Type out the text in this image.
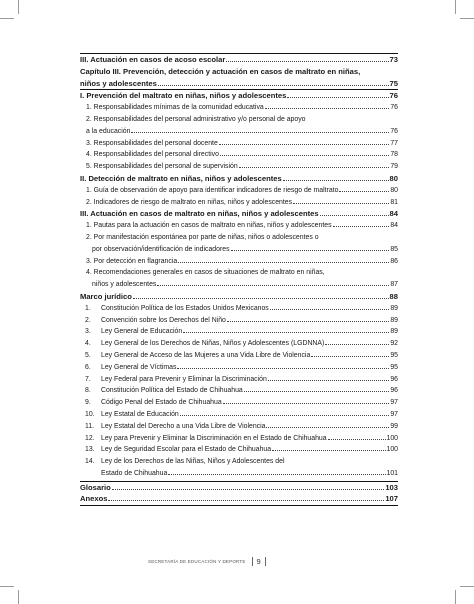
III. Actuación en casos de acoso escolar	73
Capítulo III. Prevención, detección y actuación en casos de maltrato en niñas,
niños y adolescentes	75
I. Prevención del maltrato en niñas, niños y adolescentes	76
1. Responsabilidades mínimas de la comunidad educativa	76
2. Responsabilidades del personal administrativo y/o personal de apoyo
a la educación	76
3. Responsabilidades del personal docente	77
4. Responsabilidades del personal directivo	78
5. Responsabilidades del personal de supervisión	79
II. Detección de maltrato en niñas, niños y adolescentes	80
1. Guía de observación de apoyo para identificar indicadores de riesgo de maltrato	80
2. Indicadores de riesgo de maltrato en niñas, niños y adolescentes	81
III. Actuación en casos de maltrato en niñas, niños y adolescentes	84
1. Pautas para la actuación en casos de maltrato en niñas, niños y adolescentes	84
2. Por manifestación espontánea por parte de niñas, niños o adolescentes o
por observación/identificación de indicadores	85
3. Por detección en flagrancia	86
4. Recomendaciones generales en casos de situaciones de maltrato en niñas,
niños y adolescentes	87
Marco jurídico	88
1.	Constitución Política de los Estados Unidos Mexicanos	89
2.	Convención sobre los Derechos del Niño	89
3.	Ley General de Educación	89
4.	Ley General de los Derechos de Niñas, Niños y Adolescentes (LGDNNA)	92
5.	Ley General de Acceso de las Mujeres a una Vida Libre de Violencia	95
6.	Ley General de Víctimas	95
7.	Ley Federal para Prevenir y Eliminar la Discriminación	96
8.	Constitución Política del Estado de Chihuahua	96
9.	Código Penal del Estado de Chihuahua	97
10. Ley Estatal de Educación	97
11.	Ley Estatal del Derecho a una Vida Libre de Violencia	99
12. Ley para Prevenir y Eliminar la Discriminación en el Estado de Chihuahua	100
13. Ley de Seguridad Escolar para el Estado de Chihuahua	100
14. Ley de los Derechos de las Niñas, Niños y Adolescentes del
Estado de Chihuahua	101
Glosario	103
Anexos	107
SECRETARÍA DE EDUCACIÓN Y DEPORTE	9
